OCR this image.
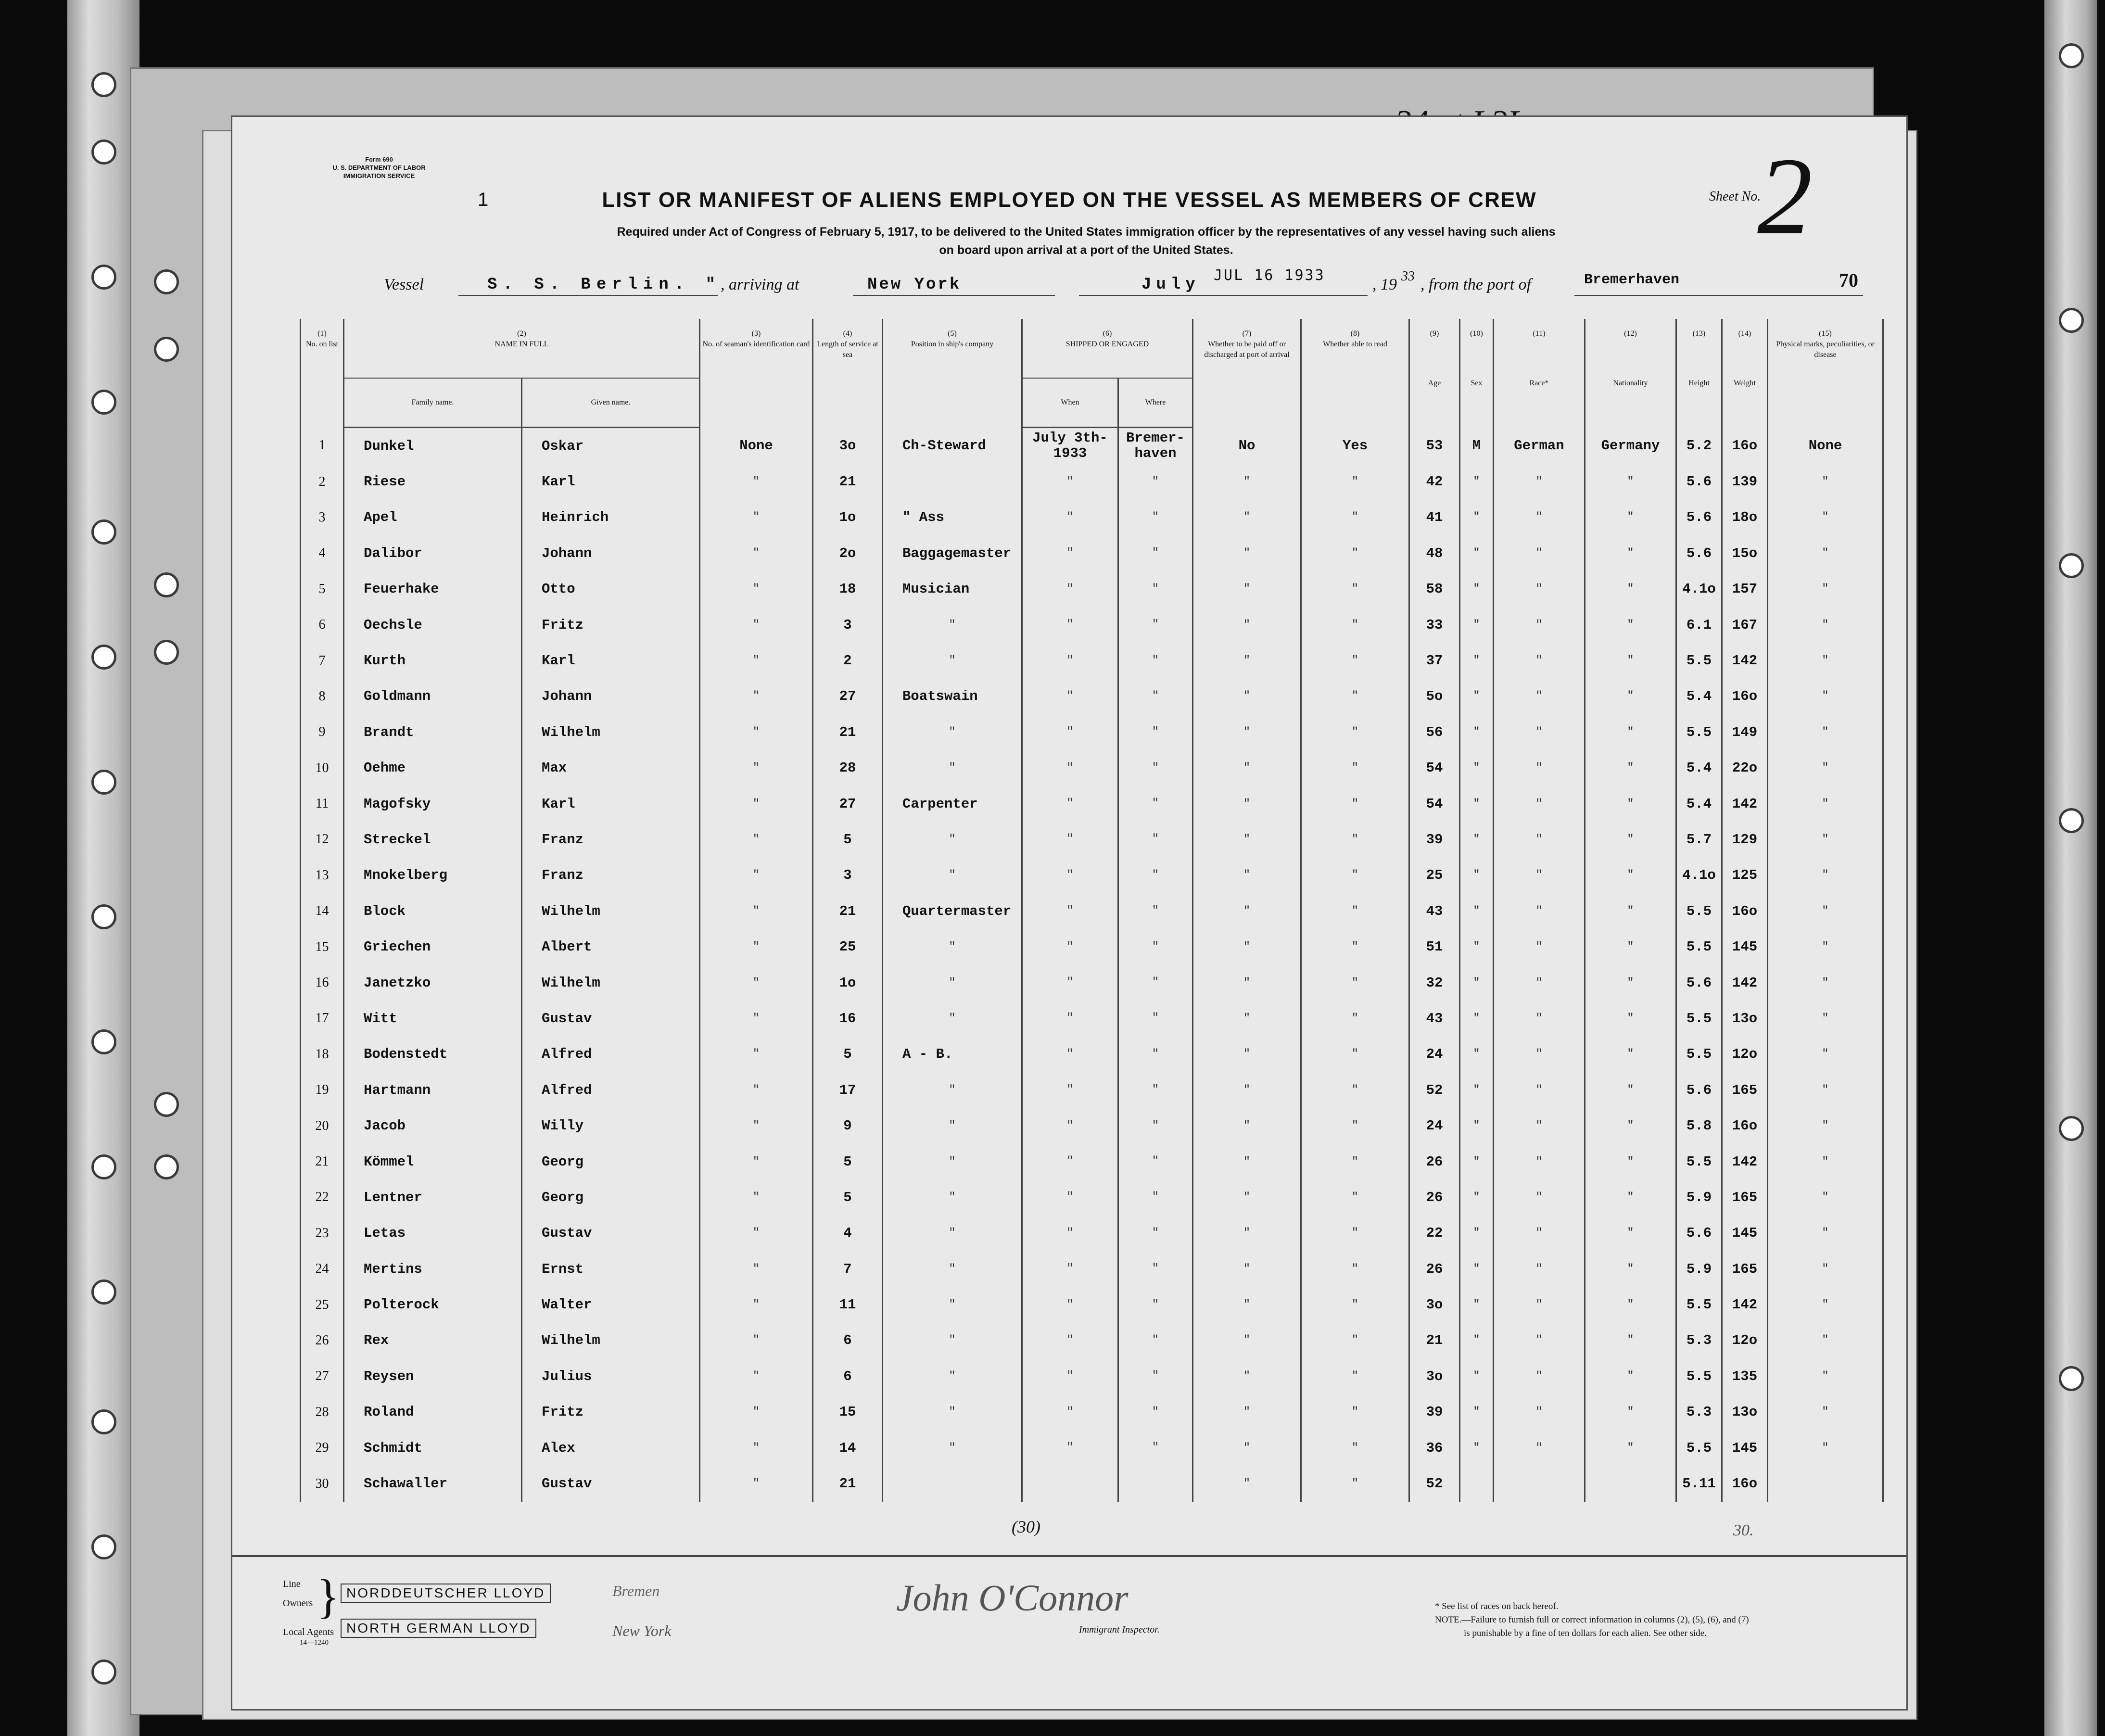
Form 690
U. S. DEPARTMENT OF LABOR
IMMIGRATION SERVICE
1	LIST OR MANIFEST OF ALIENS EMPLOYED ON THE VESSEL AS MEMBERS OF CREW
Required under Act of Congress of February 5, 1917, to be delivered to the United States immigration officer by the representatives of any vessel having such aliens
on board upon arrival at a port of the United States.
Sheet No.
2
70
Vessel	S. S. Berlin. "
, arriving at	New York	July
JUL 16 1933
, 19 33 , from the port of	Bremerhaven
(1)	(2)		(3)	(4)	(5)	(6)		(7)	(8)	(9)	(10)	(11)	(12)	(13)	(14)	(15)
No. on list	NAME IN FULL		No. of seaman's identification card	Length of service at sea	Position in ship's company	SHIPPED OR ENGAGED		Whether to be paid off or discharged at port of arrival	Whether able to read	Age	Sex	Race*	Nationality	Height	Weight	Physical marks, peculiarities, or disease
	Family name.	Given name.				When	Where									
1	Dunkel	Oskar	None	3o	Ch-Steward	July 3th-1933	Bremer-haven	No	Yes	53	M	German	Germany	5.2	16o	None
2	Riese	Karl	"	21		"	"	"	"	42	"	"	"	5.6	139	"
3	Apel	Heinrich	"	1o	" Ass	"	"	"	"	41	"	"	"	5.6	18o	"
4	Dalibor	Johann	"	2o	Baggagemaster	"	"	"	"	48	"	"	"	5.6	15o	"
5	Feuerhake	Otto	"	18	Musician	"	"	"	"	58	"	"	"	4.1o	157	"
6	Oechsle	Fritz	"	3	"	"	"	"	"	33	"	"	"	6.1	167	"
7	Kurth	Karl	"	2	"	"	"	"	"	37	"	"	"	5.5	142	"
8	Goldmann	Johann	"	27	Boatswain	"	"	"	"	5o	"	"	"	5.4	16o	"
9	Brandt	Wilhelm	"	21	"	"	"	"	"	56	"	"	"	5.5	149	"
10	Oehme	Max	"	28	"	"	"	"	"	54	"	"	"	5.4	22o	"
11	Magofsky	Karl	"	27	Carpenter	"	"	"	"	54	"	"	"	5.4	142	"
12	Streckel	Franz	"	5	"	"	"	"	"	39	"	"	"	5.7	129	"
13	Mnokelberg	Franz	"	3	"	"	"	"	"	25	"	"	"	4.1o	125	"
14	Block	Wilhelm	"	21	Quartermaster	"	"	"	"	43	"	"	"	5.5	16o	"
15	Griechen	Albert	"	25	"	"	"	"	"	51	"	"	"	5.5	145	"
16	Janetzko	Wilhelm	"	1o	"	"	"	"	"	32	"	"	"	5.6	142	"
17	Witt	Gustav	"	16	"	"	"	"	"	43	"	"	"	5.5	13o	"
18	Bodenstedt	Alfred	"	5	A - B.	"	"	"	"	24	"	"	"	5.5	12o	"
19	Hartmann	Alfred	"	17	"	"	"	"	"	52	"	"	"	5.6	165	"
20	Jacob	Willy	"	9	"	"	"	"	"	24	"	"	"	5.8	16o	"
21	Kömmel	Georg	"	5	"	"	"	"	"	26	"	"	"	5.5	142	"
22	Lentner	Georg	"	5	"	"	"	"	"	26	"	"	"	5.9	165	"
23	Letas	Gustav	"	4	"	"	"	"	"	22	"	"	"	5.6	145	"
24	Mertins	Ernst	"	7	"	"	"	"	"	26	"	"	"	5.9	165	"
25	Polterock	Walter	"	11	"	"	"	"	"	3o	"	"	"	5.5	142	"
26	Rex	Wilhelm	"	6	"	"	"	"	"	21	"	"	"	5.3	12o	"
27	Reysen	Julius	"	6	"	"	"	"	"	3o	"	"	"	5.5	135	"
28	Roland	Fritz	"	15	"	"	"	"	"	39	"	"	"	5.3	13o	"
29	Schmidt	Alex	"	14	"	"	"	"	"	36	"	"	"	5.5	145	"
30	Schawaller	Gustav	"	21				"	"	52				5.11	16o	
(30)	30.
Line
Owners }
Local Agents
14—1240
NORDDEUTSCHER LLOYD	Bremen
NORTH GERMAN LLOYD	New York
John O'Connor
Immigrant Inspector.
* See list of races on back hereof.
NOTE.—Failure to furnish full or correct information in columns (2), (5), (6), and (7)
is punishable by a fine of ten dollars for each alien. See other side.
